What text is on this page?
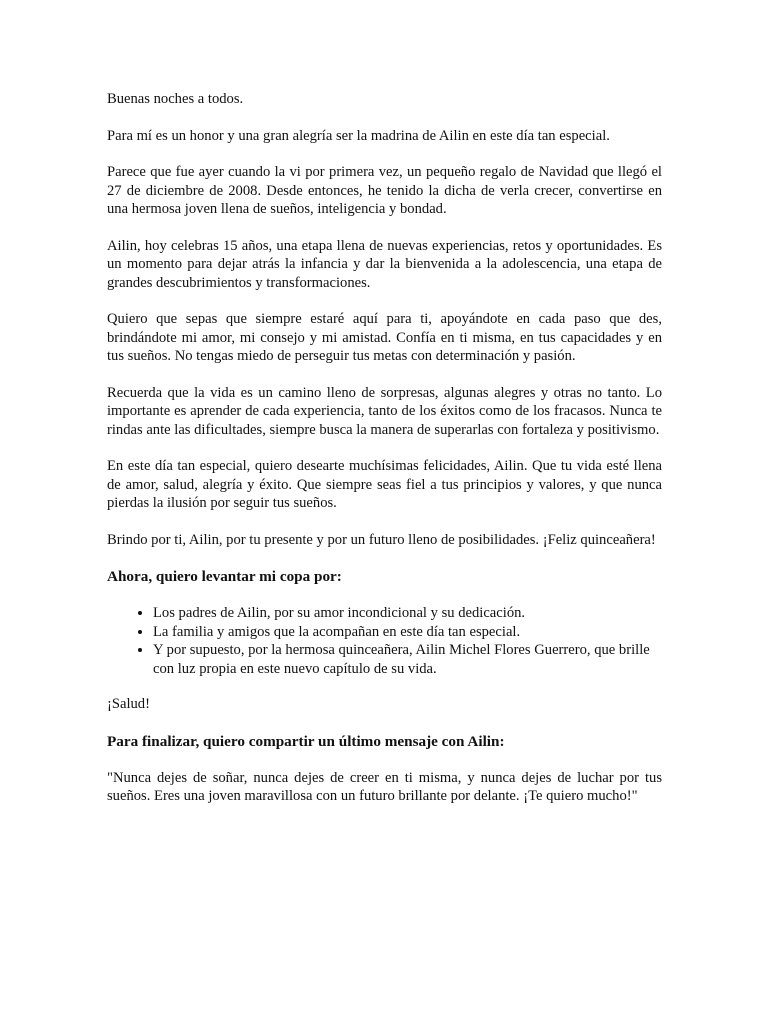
Buenas noches a todos.

Para mí es un honor y una gran alegría ser la madrina de Ailin en este día tan especial.

Parece que fue ayer cuando la vi por primera vez, un pequeño regalo de Navidad que llegó el 27 de diciembre de 2008. Desde entonces, he tenido la dicha de verla crecer, convertirse en una hermosa joven llena de sueños, inteligencia y bondad.

Ailin, hoy celebras 15 años, una etapa llena de nuevas experiencias, retos y oportunidades. Es un momento para dejar atrás la infancia y dar la bienvenida a la adolescencia, una etapa de grandes descubrimientos y transformaciones.

Quiero que sepas que siempre estaré aquí para ti, apoyándote en cada paso que des, brindándote mi amor, mi consejo y mi amistad. Confía en ti misma, en tus capacidades y en tus sueños. No tengas miedo de perseguir tus metas con determinación y pasión.

Recuerda que la vida es un camino lleno de sorpresas, algunas alegres y otras no tanto. Lo importante es aprender de cada experiencia, tanto de los éxitos como de los fracasos. Nunca te rindas ante las dificultades, siempre busca la manera de superarlas con fortaleza y positivismo.

En este día tan especial, quiero desearte muchísimas felicidades, Ailin. Que tu vida esté llena de amor, salud, alegría y éxito. Que siempre seas fiel a tus principios y valores, y que nunca pierdas la ilusión por seguir tus sueños.

Brindo por ti, Ailin, por tu presente y por un futuro lleno de posibilidades. ¡Feliz quinceañera!

Ahora, quiero levantar mi copa por:
• Los padres de Ailin, por su amor incondicional y su dedicación.
• La familia y amigos que la acompañan en este día tan especial.
• Y por supuesto, por la hermosa quinceañera, Ailin Michel Flores Guerrero, que brille con luz propia en este nuevo capítulo de su vida.

¡Salud!

Para finalizar, quiero compartir un último mensaje con Ailin:

"Nunca dejes de soñar, nunca dejes de creer en ti misma, y nunca dejes de luchar por tus sueños. Eres una joven maravillosa con un futuro brillante por delante. ¡Te quiero mucho!"
